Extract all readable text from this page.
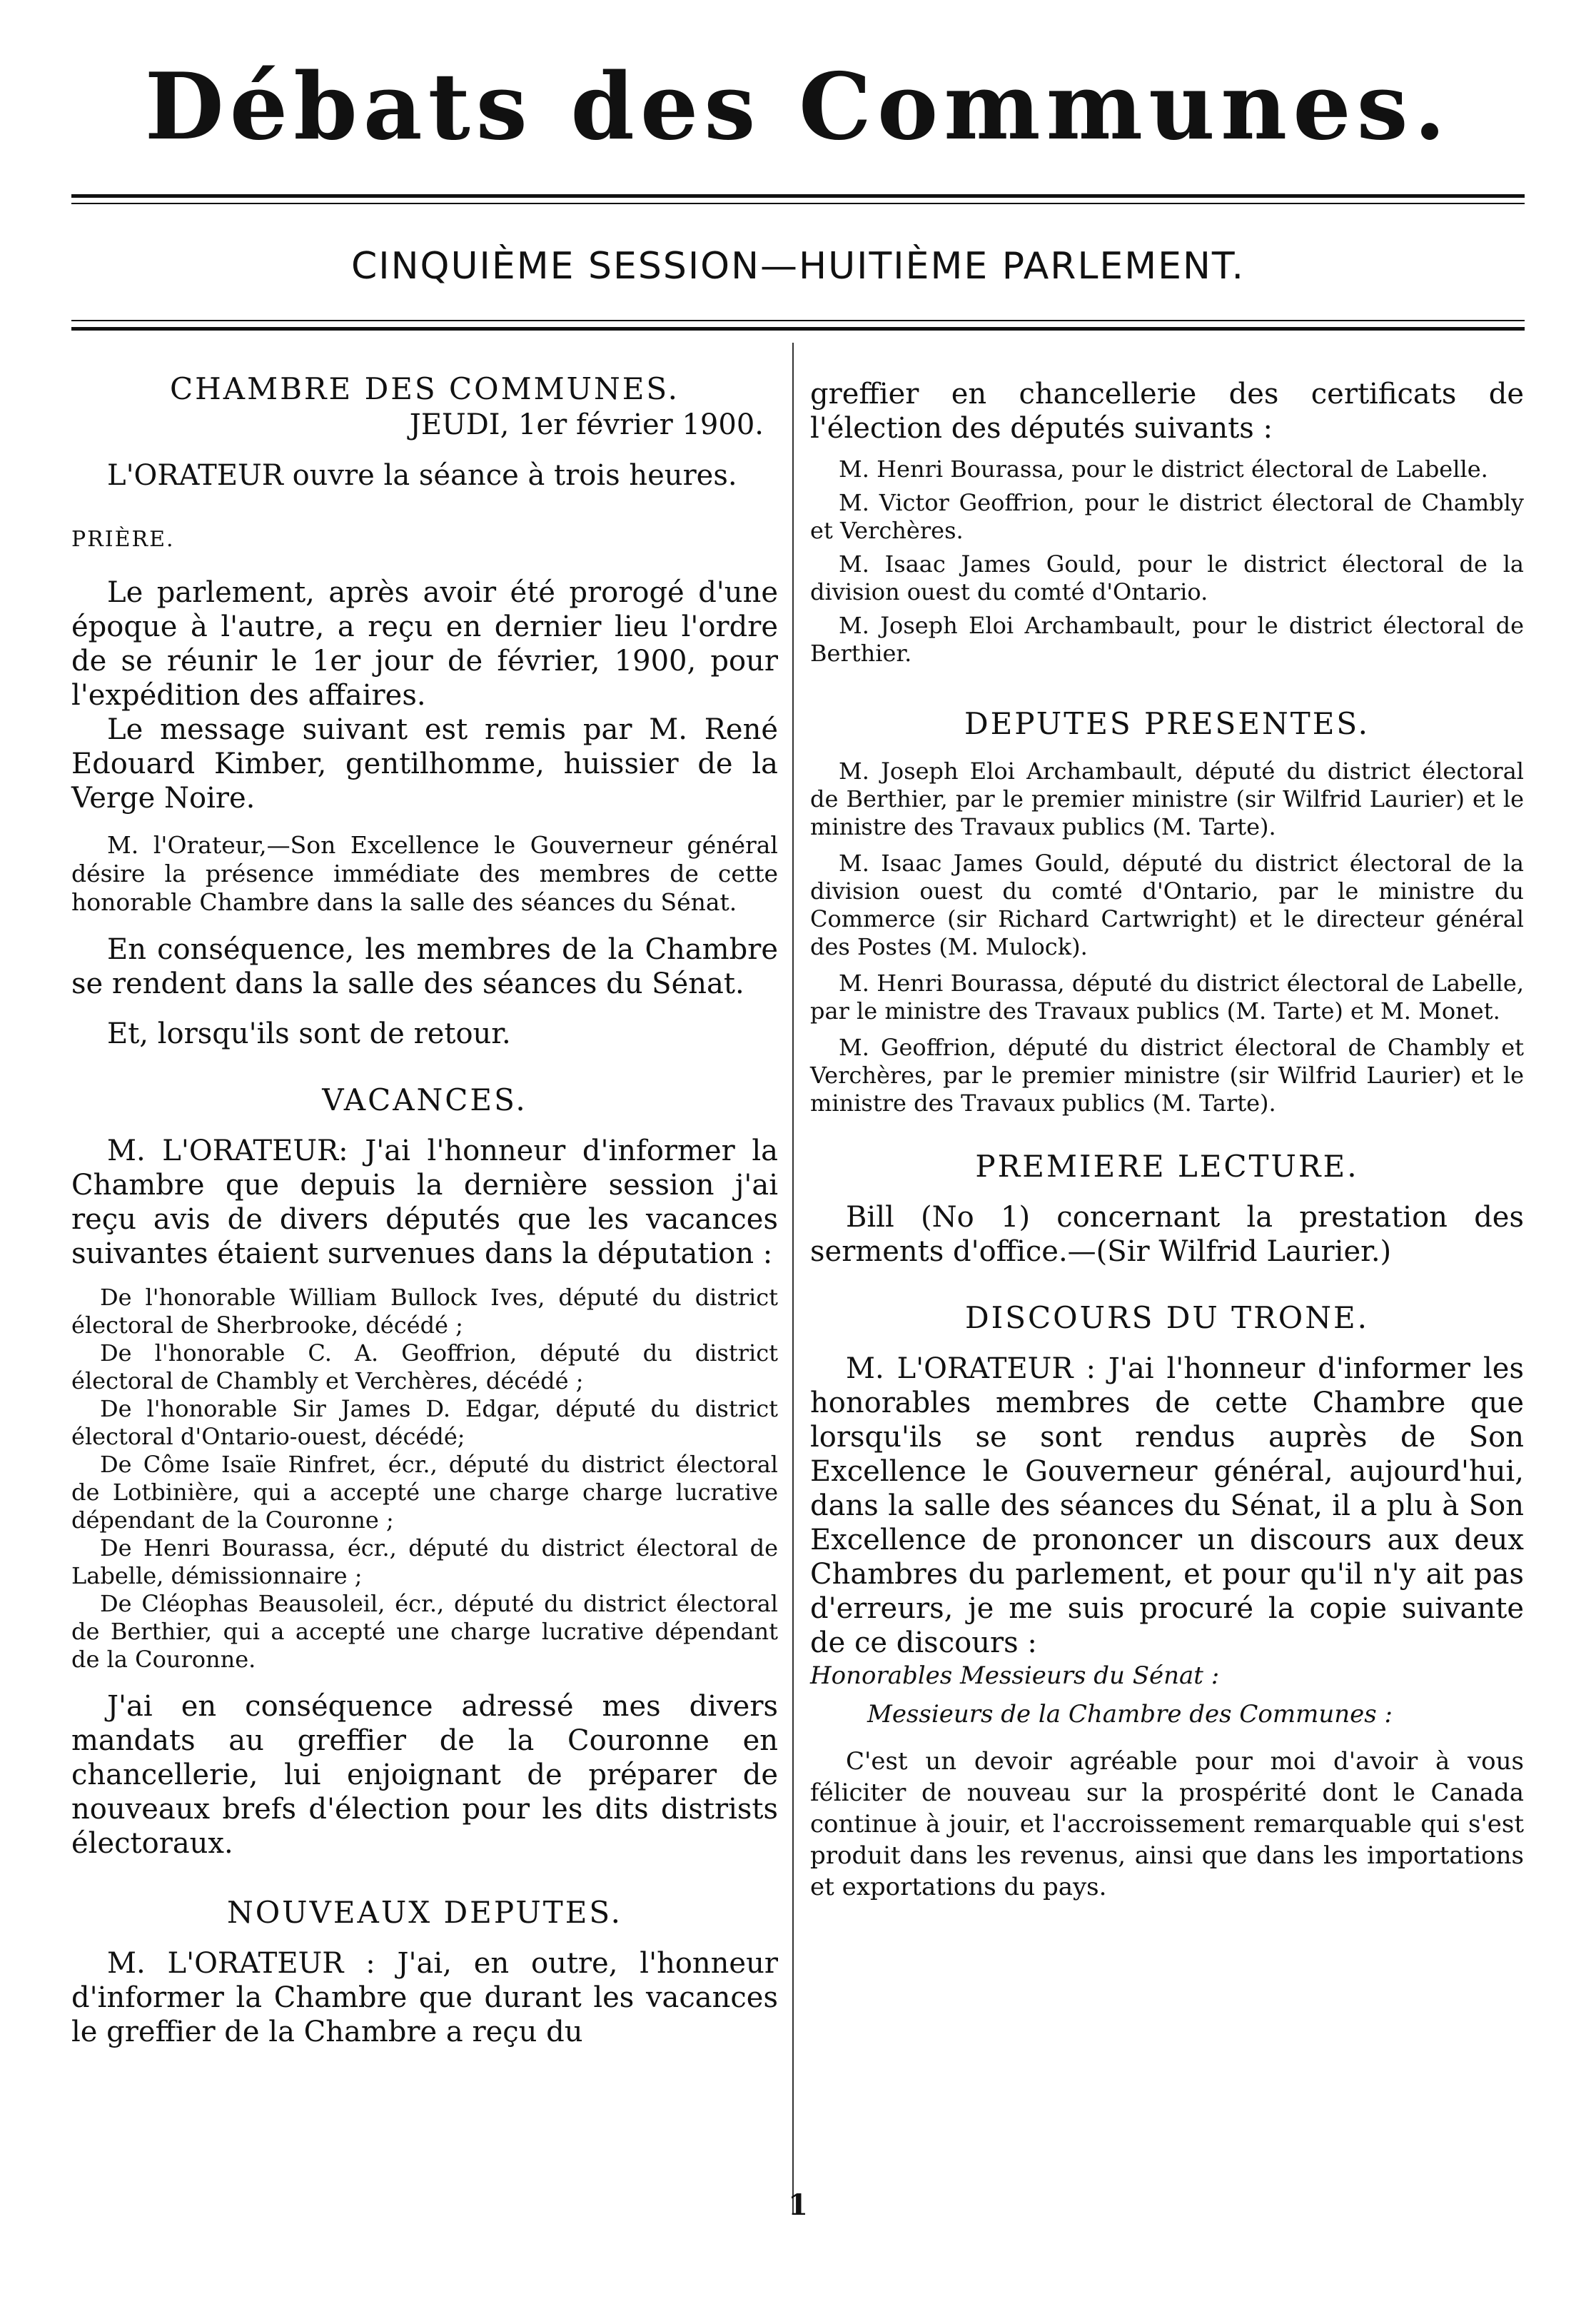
Débats des Communes.
CINQUIÈME SESSION—HUITIÈME PARLEMENT.

CHAMBRE DES COMMUNES.

JEUDI, 1er février 1900.

L'ORATEUR ouvre la séance à trois heures.

PRIÈRE.

Le parlement, après avoir été prorogé d'une époque à l'autre, a reçu en dernier lieu l'ordre de se réunir le 1er jour de février, 1900, pour l'expédition des affaires.

Le message suivant est remis par M. René Edouard Kimber, gentilhomme, huissier de la Verge Noire.

M. l'Orateur,—Son Excellence le Gouverneur général désire la présence immédiate des membres de cette honorable Chambre dans la salle des séances du Sénat.

En conséquence, les membres de la Chambre se rendent dans la salle des séances du Sénat.

Et, lorsqu'ils sont de retour.

VACANCES.

M. L'ORATEUR: J'ai l'honneur d'informer la Chambre que depuis la dernière session j'ai reçu avis de divers députés que les vacances suivantes étaient survenues dans la députation :

De l'honorable William Bullock Ives, député du district électoral de Sherbrooke, décédé ;

De l'honorable C. A. Geoffrion, député du district électoral de Chambly et Verchères, décédé ;

De l'honorable Sir James D. Edgar, député du district électoral d'Ontario-ouest, décédé;

De Côme Isaïe Rinfret, écr., député du district électoral de Lotbinière, qui a accepté une charge charge lucrative dépendant de la Couronne ;

De Henri Bourassa, écr., député du district électoral de Labelle, démissionnaire ;

De Cléophas Beausoleil, écr., député du district électoral de Berthier, qui a accepté une charge lucrative dépendant de la Couronne.

J'ai en conséquence adressé mes divers mandats au greffier de la Couronne en chancellerie, lui enjoignant de préparer de nouveaux brefs d'élection pour les dits distrists électoraux.

NOUVEAUX DEPUTES.

M. L'ORATEUR : J'ai, en outre, l'honneur d'informer la Chambre que durant les vacances le greffier de la Chambre a reçu du

greffier en chancellerie des certificats de l'élection des députés suivants :

M. Henri Bourassa, pour le district électoral de Labelle.

M. Victor Geoffrion, pour le district électoral de Chambly et Verchères.

M. Isaac James Gould, pour le district électoral de la division ouest du comté d'Ontario.

M. Joseph Eloi Archambault, pour le district électoral de Berthier.

DEPUTES PRESENTES.

M. Joseph Eloi Archambault, député du district électoral de Berthier, par le premier ministre (sir Wilfrid Laurier) et le ministre des Travaux publics (M. Tarte).

M. Isaac James Gould, député du district électoral de la division ouest du comté d'Ontario, par le ministre du Commerce (sir Richard Cartwright) et le directeur général des Postes (M. Mulock).

M. Henri Bourassa, député du district électoral de Labelle, par le ministre des Travaux publics (M. Tarte) et M. Monet.

M. Geoffrion, député du district électoral de Chambly et Verchères, par le premier ministre (sir Wilfrid Laurier) et le ministre des Travaux publics (M. Tarte).

PREMIERE LECTURE.

Bill (No 1) concernant la prestation des serments d'office.—(Sir Wilfrid Laurier.)

DISCOURS DU TRONE.

M. L'ORATEUR : J'ai l'honneur d'informer les honorables membres de cette Chambre que lorsqu'ils se sont rendus auprès de Son Excellence le Gouverneur général, aujourd'hui, dans la salle des séances du Sénat, il a plu à Son Excellence de prononcer un discours aux deux Chambres du parlement, et pour qu'il n'y ait pas d'erreurs, je me suis procuré la copie suivante de ce discours :

Honorables Messieurs du Sénat :

Messieurs de la Chambre des Communes :

C'est un devoir agréable pour moi d'avoir à vous féliciter de nouveau sur la prospérité dont le Canada continue à jouir, et l'accroissement remarquable qui s'est produit dans les revenus, ainsi que dans les importations et exportations du pays.

1
